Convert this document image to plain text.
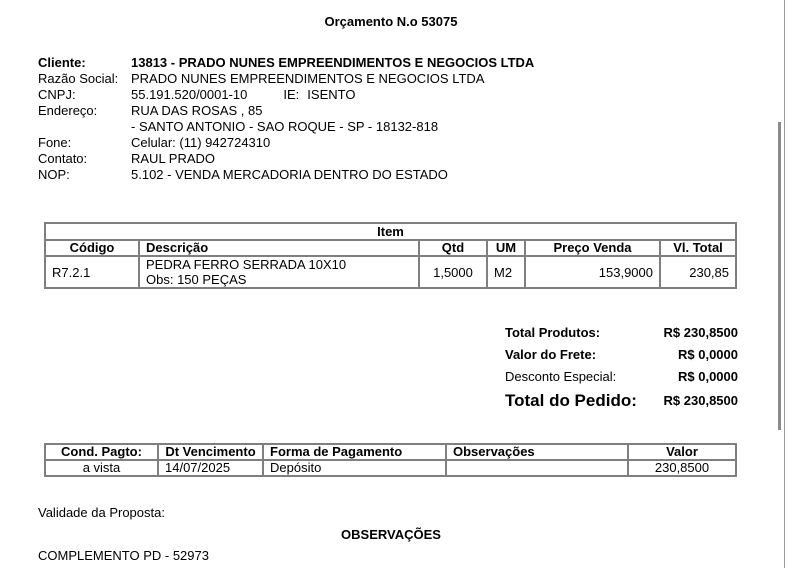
Orçamento N.o 53075
Cliente:	13813 - PRADO NUNES EMPREENDIMENTOS E NEGOCIOS LTDA
Razão Social: PRADO NUNES EMPREENDIMENTOS E NEGOCIOS LTDA
CNPJ:	55.191.520/0001-10	IE: ISENTO
Endereço:	RUA DAS ROSAS , 85
- SANTO ANTONIO - SAO ROQUE - SP - 18132-818
Fone:	Celular: (11) 942724310
Contato:	RAUL PRADO
NOP:	5.102 - VENDA MERCADORIA DENTRO DO ESTADO
Item					
Código	Descrição	Qtd	UM	Preço Venda	Vl. Total
R7.2.1	PEDRA FERRO SERRADA 10X10
Obs: 150 PEÇAS	1,5000	M2	153,9000	230,85
Total Produtos:	R$ 230,8500
Valor do Frete:	R$ 0,0000
Desconto Especial:	R$ 0,0000
Total do Pedido: R$ 230,8500
Cond. Pagto:	Dt Vencimento	Forma de Pagamento	Observações	Valor
a vista	14/07/2025	Depósito		230,8500
Validade da Proposta:
OBSERVAÇÕES
COMPLEMENTO PD - 52973
